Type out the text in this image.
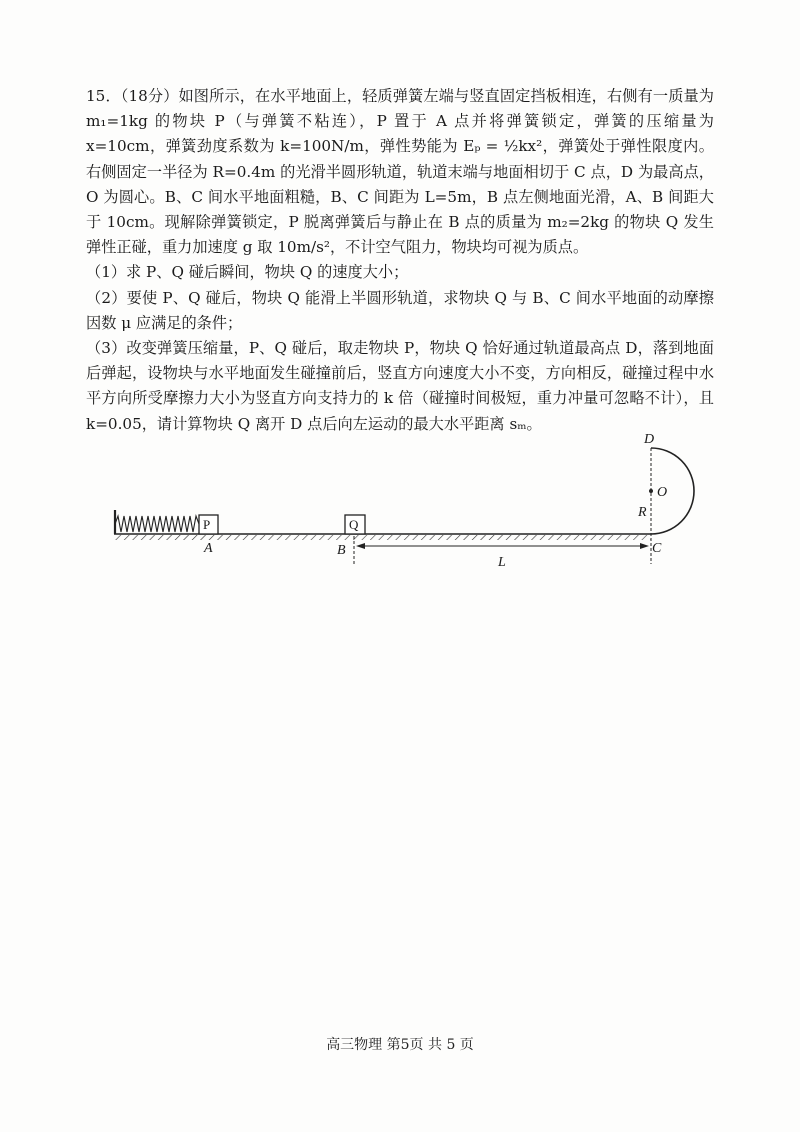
15．（18分）如图所示，在水平地面上，轻质弹簧左端与竖直固定挡板相连，右侧有一质量为 m₁=1kg 的物块 P（与弹簧不粘连），P 置于 A 点并将弹簧锁定，弹簧的压缩量为 x=10cm，弹簧劲度系数为 k=100N/m，弹性势能为 Eₚ = ½kx²，弹簧处于弹性限度内。右侧固定一半径为 R=0.4m 的光滑半圆形轨道，轨道末端与地面相切于 C 点，D 为最高点，O 为圆心。B、C 间水平地面粗糙，B、C 间距为 L=5m，B 点左侧地面光滑，A、B 间距大于 10cm。现解除弹簧锁定，P 脱离弹簧后与静止在 B 点的质量为 m₂=2kg 的物块 Q 发生弹性正碰，重力加速度 g 取 10m/s²，不计空气阻力，物块均可视为质点。

（1）求 P、Q 碰后瞬间，物块 Q 的速度大小；

（2）要使 P、Q 碰后，物块 Q 能滑上半圆形轨道，求物块 Q 与 B、C 间水平地面的动摩擦因数 μ 应满足的条件；

（3）改变弹簧压缩量，P、Q 碰后，取走物块 P，物块 Q 恰好通过轨道最高点 D，落到地面后弹起，设物块与水平地面发生碰撞前后，竖直方向速度大小不变，方向相反，碰撞过程中水平方向所受摩擦力大小为竖直方向支持力的 k 倍（碰撞时间极短，重力冲量可忽略不计），且 k=0.05，请计算物块 Q 离开 D 点后向左运动的最大水平距离 sₘ。

P
A
Q
B
L
O
R
D
C
高三物理 第5页 共 5 页
